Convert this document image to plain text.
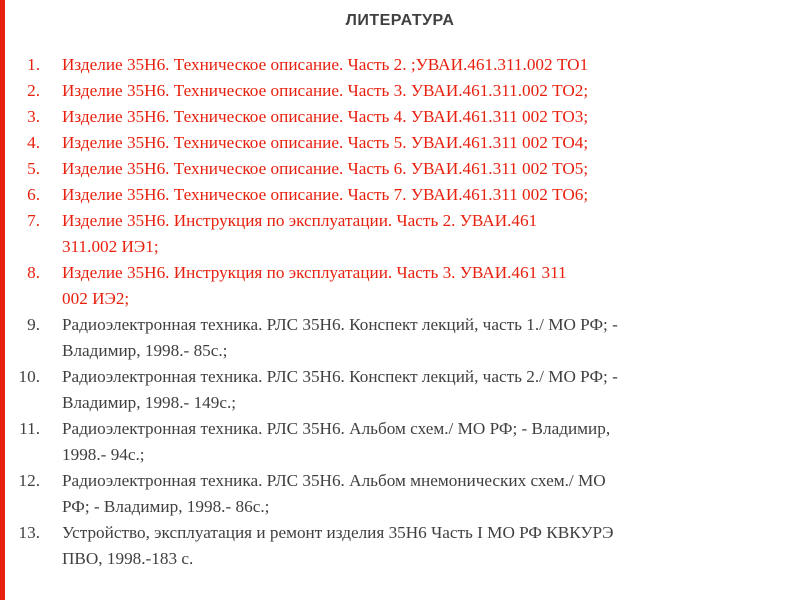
ЛИТЕРАТУРА
1. Изделие 35Н6. Техническое описание. Часть 2. ;УВАИ.461.311.002 ТО1
2. Изделие 35Н6. Техническое описание. Часть 3. УВАИ.461.311.002 ТО2;
3. Изделие 35Н6. Техническое описание. Часть 4. УВАИ.461.311 002 ТО3;
4. Изделие 35Н6. Техническое описание. Часть 5. УВАИ.461.311 002 ТО4;
5. Изделие 35Н6. Техническое описание. Часть 6. УВАИ.461.311 002 ТО5;
6. Изделие 35Н6. Техническое описание. Часть 7. УВАИ.461.311 002 ТО6;
7. Изделие 35Н6. Инструкция по эксплуатации. Часть 2. УВАИ.461
311.002 ИЭ1;
8. Изделие 35Н6. Инструкция по эксплуатации. Часть 3. УВАИ.461 311
002 ИЭ2;
9. Радиоэлектронная техника. РЛС 35Н6. Конспект лекций, часть 1./ МО РФ; -
Владимир, 1998.- 85с.;
10. Радиоэлектронная техника. РЛС 35Н6. Конспект лекций, часть 2./ МО РФ; -
Владимир, 1998.- 149с.;
11. Радиоэлектронная техника. РЛС 35Н6. Альбом схем./ МО РФ; - Владимир,
1998.- 94с.;
12. Радиоэлектронная техника. РЛС 35Н6. Альбом мнемонических схем./ МО
РФ; - Владимир, 1998.- 86с.;
13. Устройство, эксплуатация и ремонт изделия 35Н6 Часть I МО РФ КВКУРЭ
ПВО, 1998.-183 с.
